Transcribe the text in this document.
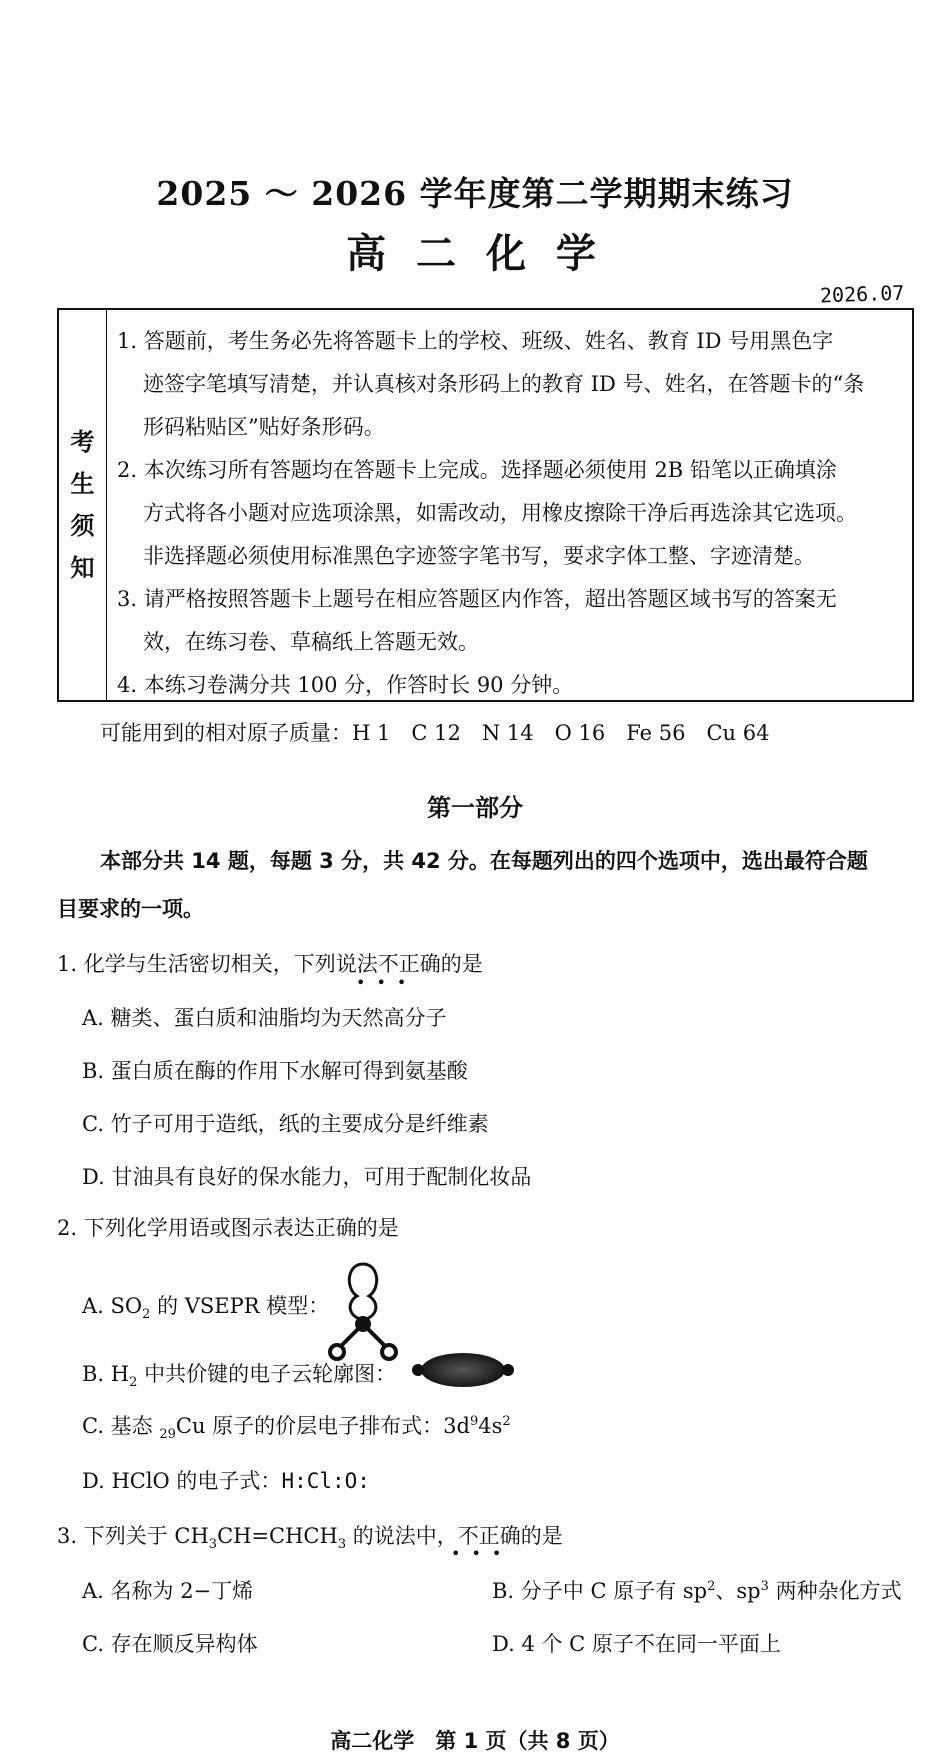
2025 ～ 2026 学年度第二学期期末练习
高 二 化 学
2026.07
考
生
须
知
1. 答题前，考生务必先将答题卡上的学校、班级、姓名、教育 ID 号用黑色字
迹签字笔填写清楚，并认真核对条形码上的教育 ID 号、姓名，在答题卡的“条
形码粘贴区”贴好条形码。
2. 本次练习所有答题均在答题卡上完成。选择题必须使用 2B 铅笔以正确填涂
方式将各小题对应选项涂黑，如需改动，用橡皮擦除干净后再选涂其它选项。
非选择题必须使用标准黑色字迹签字笔书写，要求字体工整、字迹清楚。
3. 请严格按照答题卡上题号在相应答题区内作答，超出答题区域书写的答案无
效，在练习卷、草稿纸上答题无效。
4. 本练习卷满分共 100 分，作答时长 90 分钟。
可能用到的相对原子质量：H 1　C 12　N 14　O 16　Fe 56　Cu 64
第一部分
本部分共 14 题，每题 3 分，共 42 分。在每题列出的四个选项中，选出最符合题
目要求的一项。
1. 化学与生活密切相关，下列说法不正确的是
•••
A. 糖类、蛋白质和油脂均为天然高分子
B. 蛋白质在酶的作用下水解可得到氨基酸
C. 竹子可用于造纸，纸的主要成分是纤维素
D. 甘油具有良好的保水能力，可用于配制化妆品
2. 下列化学用语或图示表达正确的是
A. $SO_2$ 的 VSEPR 模型：
B. $H_2$ 中共价键的电子云轮廓图：
C. 基态 $_{29}$Cu 原子的价层电子排布式：$3d^94s^2$
D. HClO 的电子式：H:Cl:O:
3. 下列关于 $CH_3CH=CHCH_3$ 的说法中，不正确的是
•••
A. 名称为 2−丁烯	B. 分子中 C 原子有 $sp^2$、$sp^3$ 两种杂化方式
C. 存在顺反异构体	D. 4 个 C 原子不在同一平面上
高二化学　第 1 页（共 8 页）
